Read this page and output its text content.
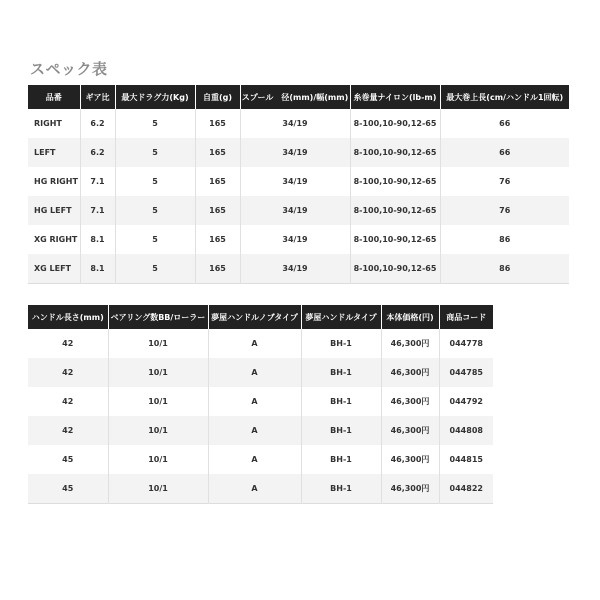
スペック表
品番	ギア比	最大ドラグ力(Kg)	自重(g)	スプール　径(mm)/幅(mm)	糸巻量ナイロン(lb-m)	最大巻上長(cm/ハンドル1回転)
RIGHT	6.2	5	165	34/19	8-100,10-90,12-65	66
LEFT	6.2	5	165	34/19	8-100,10-90,12-65	66
HG RIGHT	7.1	5	165	34/19	8-100,10-90,12-65	76
HG LEFT	7.1	5	165	34/19	8-100,10-90,12-65	76
XG RIGHT	8.1	5	165	34/19	8-100,10-90,12-65	86
XG LEFT	8.1	5	165	34/19	8-100,10-90,12-65	86
ハンドル長さ(mm)	ベアリング数BB/ローラー	夢屋ハンドルノブタイプ	夢屋ハンドルタイプ	本体価格(円)	商品コード
42	10/1	A	BH-1	46,300円	044778
42	10/1	A	BH-1	46,300円	044785
42	10/1	A	BH-1	46,300円	044792
42	10/1	A	BH-1	46,300円	044808
45	10/1	A	BH-1	46,300円	044815
45	10/1	A	BH-1	46,300円	044822
